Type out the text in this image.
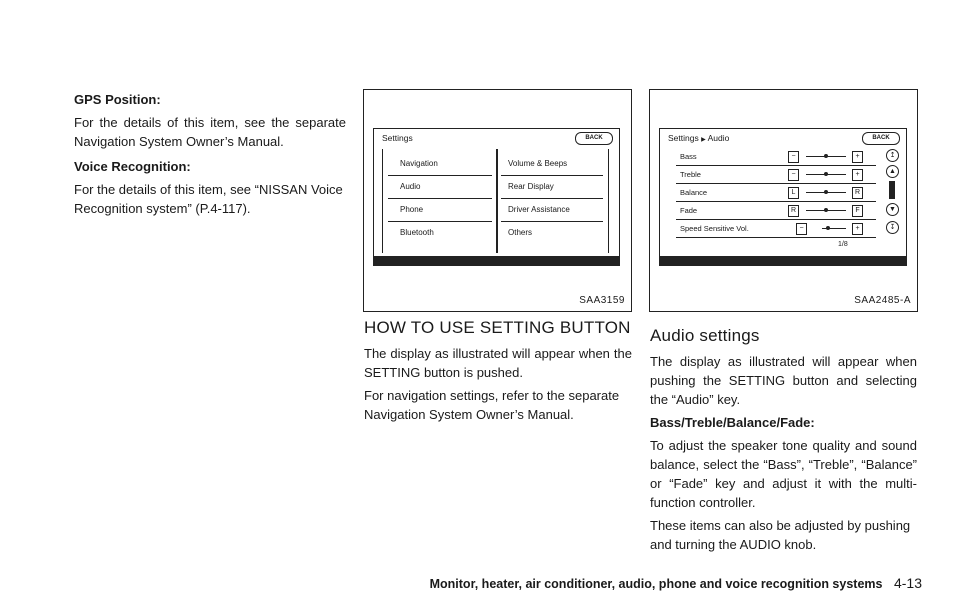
GPS Position:

For the details of this item, see the separate Navigation System Owner’s Manual.

Voice Recognition:

For the details of this item, see “NISSAN Voice Recognition system” (P.4-117).

Settings	BACK
Navigation
Audio
Phone
Bluetooth
Volume & Beeps
Rear Display
Driver Assistance
Others
SAA3159
HOW TO USE SETTING BUTTON

The display as illustrated will appear when the SETTING button is pushed.

For navigation settings, refer to the separate Navigation System Owner’s Manual.

Settings ▶ Audio	BACK
Bass	−	+
Treble	−	+
Balance	L	R
Fade	R	F
Speed Sensitive Vol.	−	+
1/8
↥
▲
▼
↧
SAA2485-A
Audio settings

The display as illustrated will appear when pushing the SETTING button and selecting the “Audio” key.

Bass/Treble/Balance/Fade:

To adjust the speaker tone quality and sound balance, select the “Bass”, “Treble”, “Balance” or “Fade” key and adjust it with the multi-function controller.

These items can also be adjusted by pushing and turning the AUDIO knob.

Monitor, heater, air conditioner, audio, phone and voice recognition systems 4-13
